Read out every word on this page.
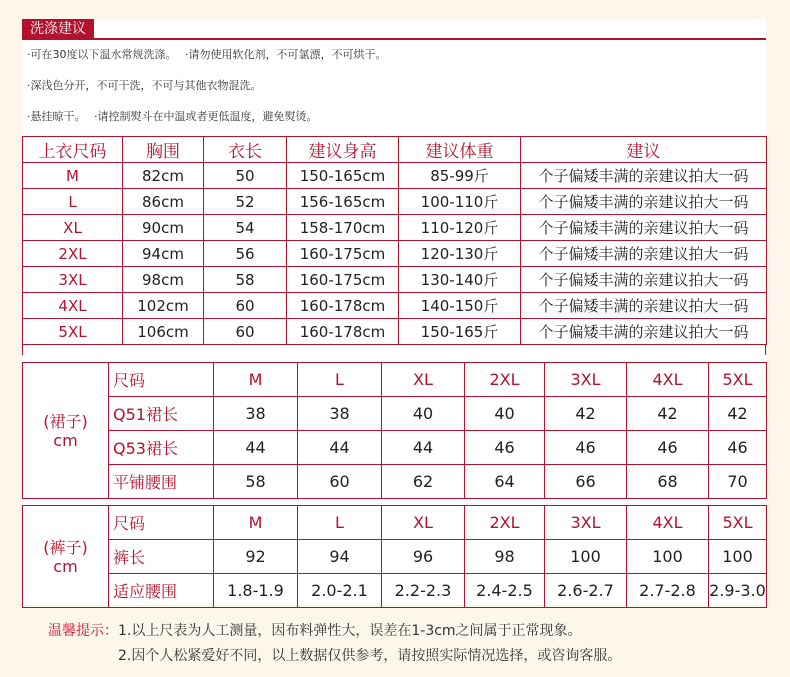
洗涤建议
·可在30度以下温水常规洗涤。 ·请勿使用软化剂，不可氯漂，不可烘干。
·深浅色分开，不可干洗，不可与其他衣物混洗。
·悬挂晾干。 ·请控制熨斗在中温或者更低温度，避免熨烫。
上衣尺码	胸围	衣长	建议身高	建议体重	建议
M	82cm	50	150-165cm	85-99斤	个子偏矮丰满的亲建议拍大一码
L	86cm	52	156-165cm	100-110斤	个子偏矮丰满的亲建议拍大一码
XL	90cm	54	158-170cm	110-120斤	个子偏矮丰满的亲建议拍大一码
2XL	94cm	56	160-175cm	120-130斤	个子偏矮丰满的亲建议拍大一码
3XL	98cm	58	160-175cm	130-140斤	个子偏矮丰满的亲建议拍大一码
4XL	102cm	60	160-178cm	140-150斤	个子偏矮丰满的亲建议拍大一码
5XL	106cm	60	160-178cm	150-165斤	个子偏矮丰满的亲建议拍大一码
(裙子)
cm	尺码	M	L	XL	2XL	3XL	4XL	5XL
	Q51裙长	38	38	40	40	42	42	42
	Q53裙长	44	44	44	46	46	46	46
	平铺腰围	58	60	62	64	66	68	70
(裤子)
cm	尺码	M	L	XL	2XL	3XL	4XL	5XL
	裤长	92	94	96	98	100	100	100
	适应腰围	1.8-1.9	2.0-2.1	2.2-2.3	2.4-2.5	2.6-2.7	2.7-2.8	2.9-3.0
温馨提示：1.以上尺表为人工测量，因布料弹性大，误差在1-3cm之间属于正常现象。
2.因个人松紧爱好不同，以上数据仅供参考，请按照实际情况选择，或咨询客服。
